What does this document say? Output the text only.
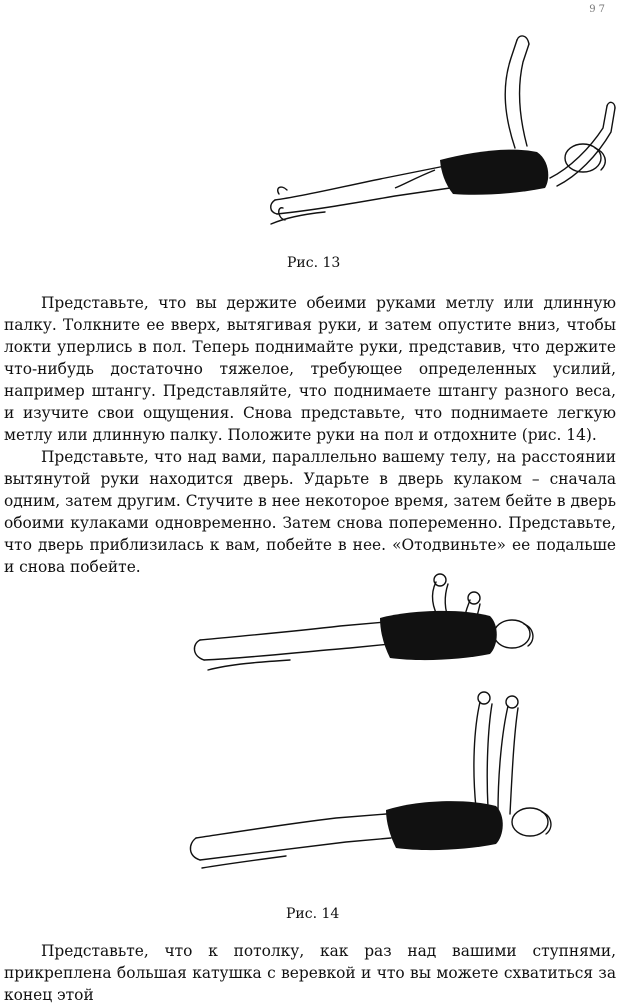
97
Рис. 13

Представьте, что вы держите обеими руками метлу или длинную палку. Толкните ее вверх, вытягивая руки, и затем опустите вниз, чтобы локти уперлись в пол. Теперь поднимайте руки, представив, что держите что-нибудь достаточно тяжелое, требующее определенных усилий, например штангу. Представляйте, что поднимаете штангу разного веса, и изучите свои ощущения. Снова представьте, что поднимаете легкую метлу или длинную палку. Положите руки на пол и отдохните (рис. 14).

Представьте, что над вами, параллельно вашему телу, на расстоянии вытянутой руки находится дверь. Ударьте в дверь кулаком – сначала одним, затем другим. Стучите в нее некоторое время, затем бейте в дверь обоими кулаками одновременно. Затем снова попеременно. Представьте, что дверь приблизилась к вам, побейте в нее. «Отодвиньте» ее подальше и снова побейте.

Рис. 14

Представьте, что к потолку, как раз над вашими ступнями, прикреплена большая катушка с веревкой и что вы можете схватиться за конец этой
